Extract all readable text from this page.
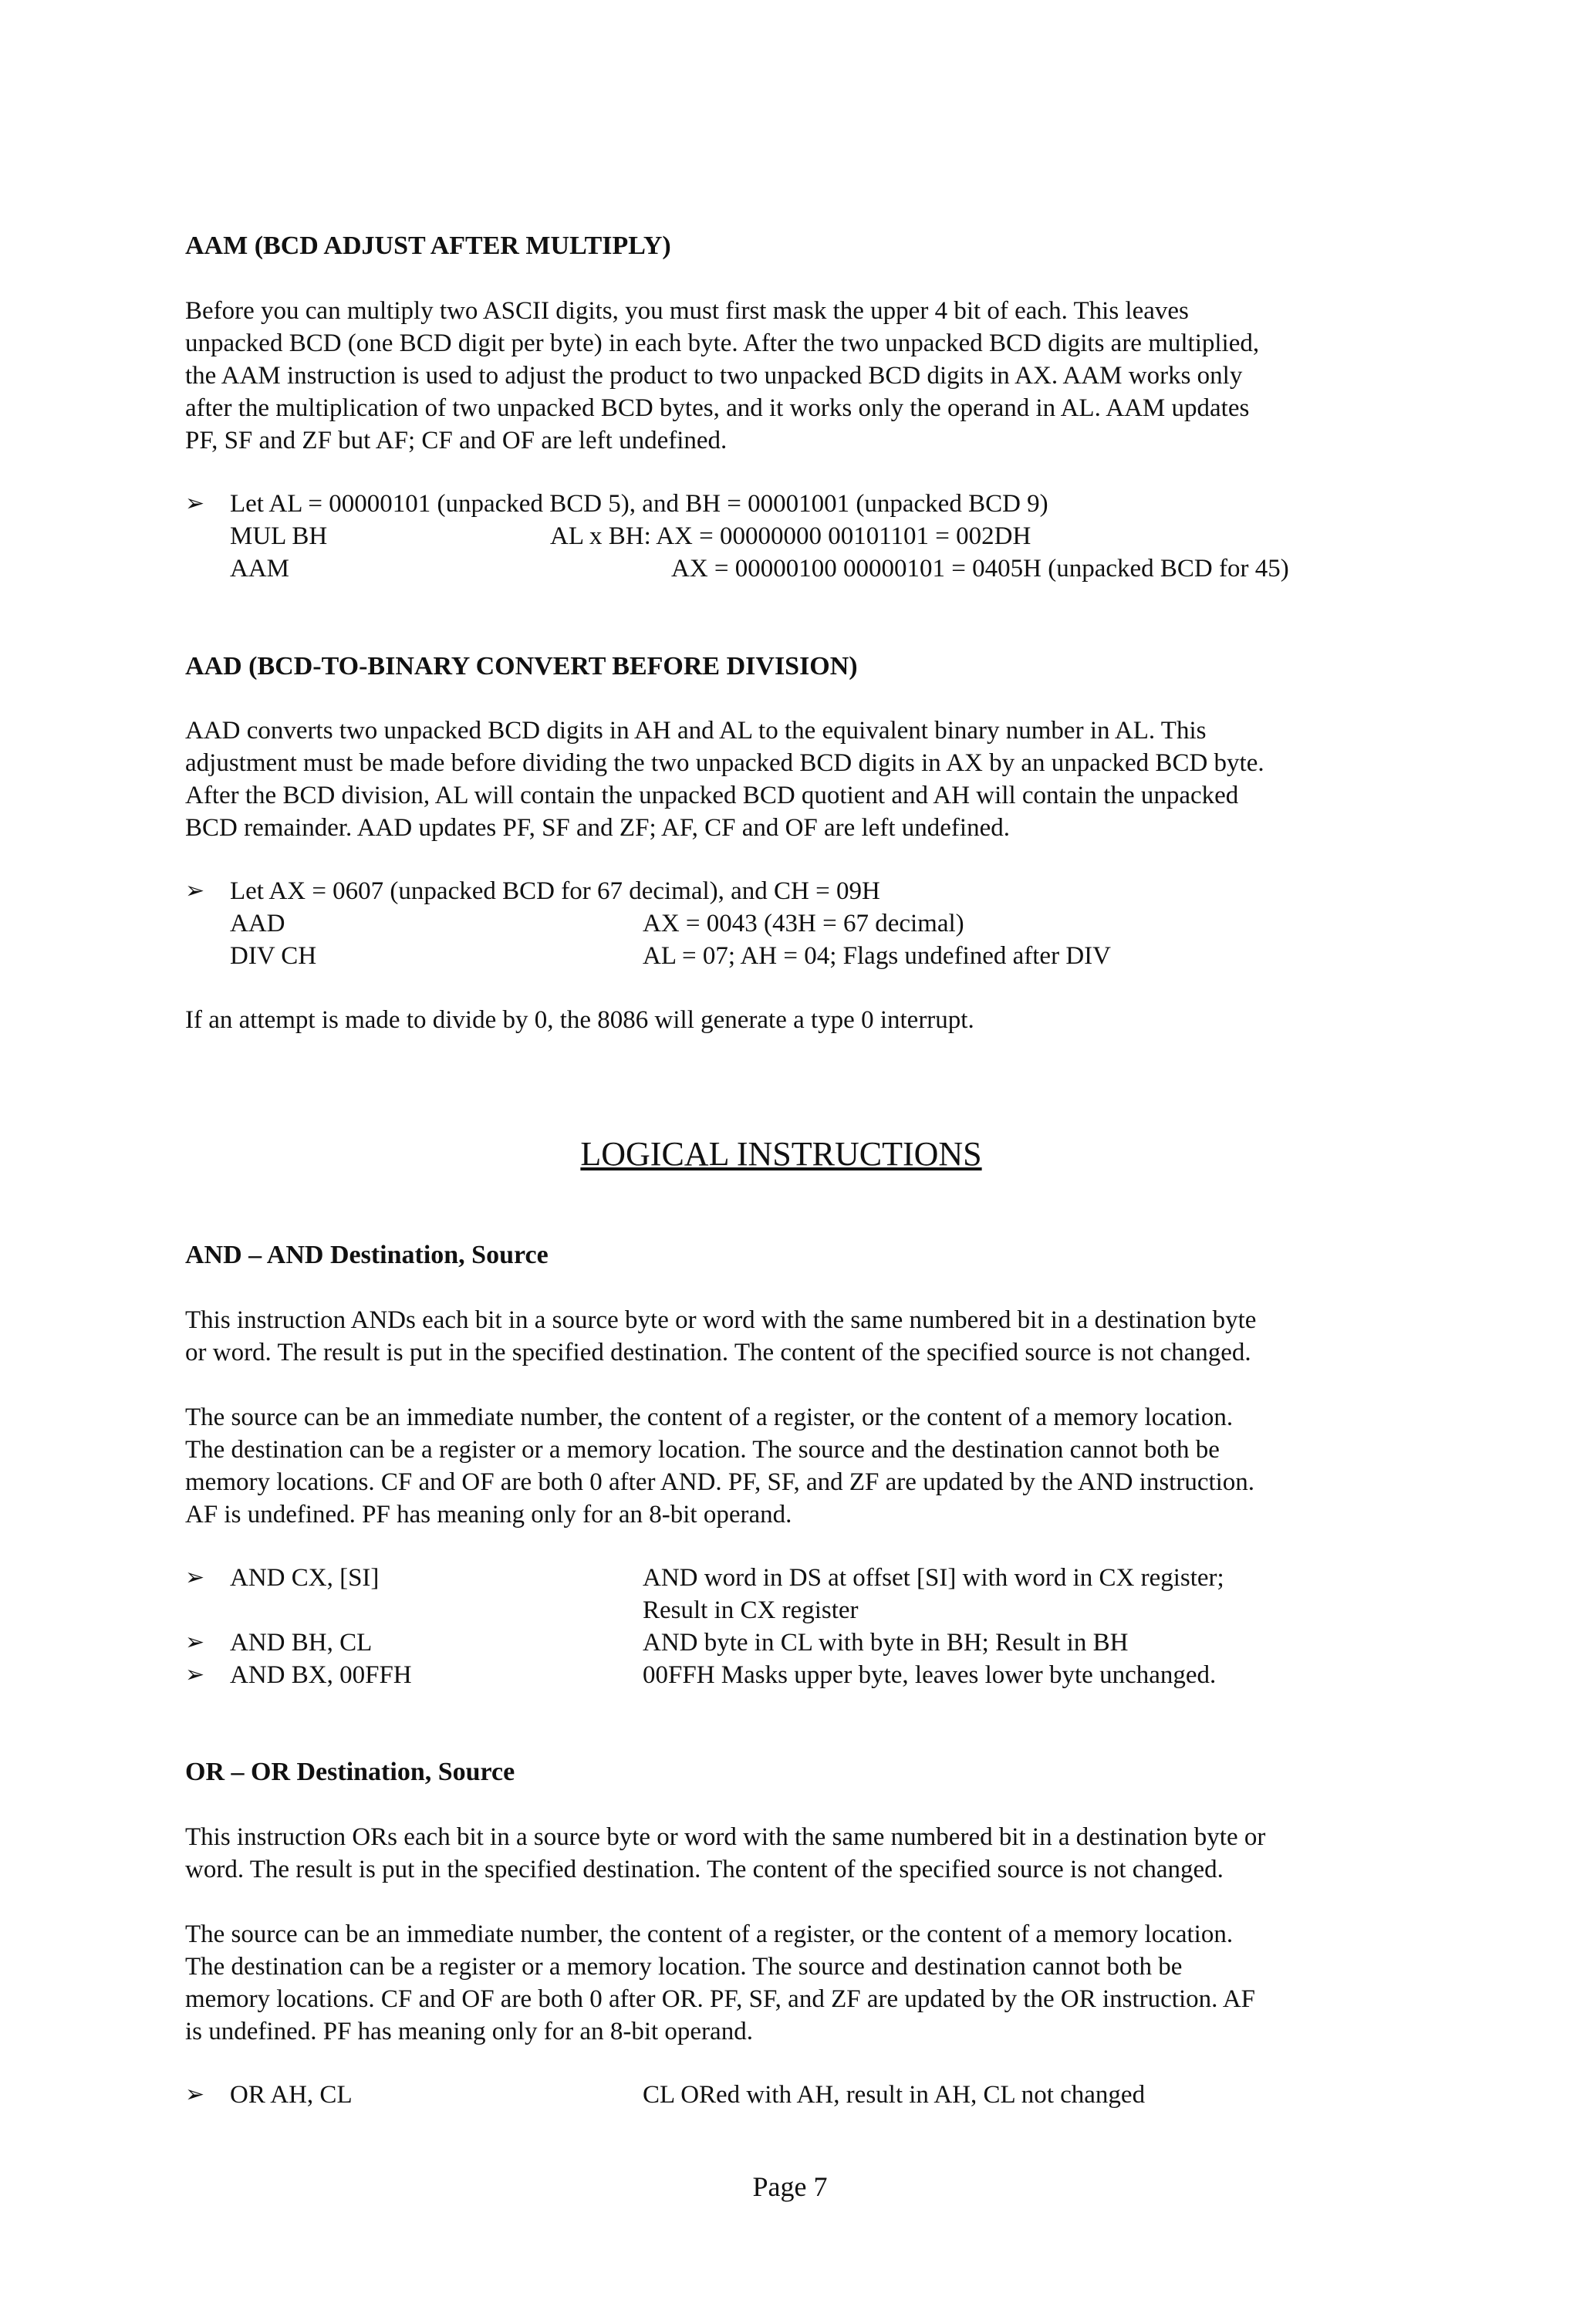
AAM (BCD ADJUST AFTER MULTIPLY)
Before you can multiply two ASCII digits, you must first mask the upper 4 bit of each. This leaves
unpacked BCD (one BCD digit per byte) in each byte. After the two unpacked BCD digits are multiplied,
the AAM instruction is used to adjust the product to two unpacked BCD digits in AX. AAM works only
after the multiplication of two unpacked BCD bytes, and it works only the operand in AL. AAM updates
PF, SF and ZF but AF; CF and OF are left undefined.
➢ Let AL = 00000101 (unpacked BCD 5), and BH = 00001001 (unpacked BCD 9)
MUL BH	AL x BH: AX = 00000000 00101101 = 002DH
AAM	AX = 00000100 00000101 = 0405H (unpacked BCD for 45)
AAD (BCD-TO-BINARY CONVERT BEFORE DIVISION)
AAD converts two unpacked BCD digits in AH and AL to the equivalent binary number in AL. This
adjustment must be made before dividing the two unpacked BCD digits in AX by an unpacked BCD byte.
After the BCD division, AL will contain the unpacked BCD quotient and AH will contain the unpacked
BCD remainder. AAD updates PF, SF and ZF; AF, CF and OF are left undefined.
➢ Let AX = 0607 (unpacked BCD for 67 decimal), and CH = 09H
AAD	AX = 0043 (43H = 67 decimal)
DIV CH	AL = 07; AH = 04; Flags undefined after DIV
If an attempt is made to divide by 0, the 8086 will generate a type 0 interrupt.
LOGICAL INSTRUCTIONS
AND – AND Destination, Source
This instruction ANDs each bit in a source byte or word with the same numbered bit in a destination byte
or word. The result is put in the specified destination. The content of the specified source is not changed.
The source can be an immediate number, the content of a register, or the content of a memory location.
The destination can be a register or a memory location. The source and the destination cannot both be
memory locations. CF and OF are both 0 after AND. PF, SF, and ZF are updated by the AND instruction.
AF is undefined. PF has meaning only for an 8-bit operand.
➢ AND CX, [SI]	AND word in DS at offset [SI] with word in CX register;
Result in CX register
➢ AND BH, CL	AND byte in CL with byte in BH; Result in BH
➢ AND BX, 00FFH	00FFH Masks upper byte, leaves lower byte unchanged.
OR – OR Destination, Source
This instruction ORs each bit in a source byte or word with the same numbered bit in a destination byte or
word. The result is put in the specified destination. The content of the specified source is not changed.
The source can be an immediate number, the content of a register, or the content of a memory location.
The destination can be a register or a memory location. The source and destination cannot both be
memory locations. CF and OF are both 0 after OR. PF, SF, and ZF are updated by the OR instruction. AF
is undefined. PF has meaning only for an 8-bit operand.
➢ OR AH, CL	CL ORed with AH, result in AH, CL not changed
Page 7
